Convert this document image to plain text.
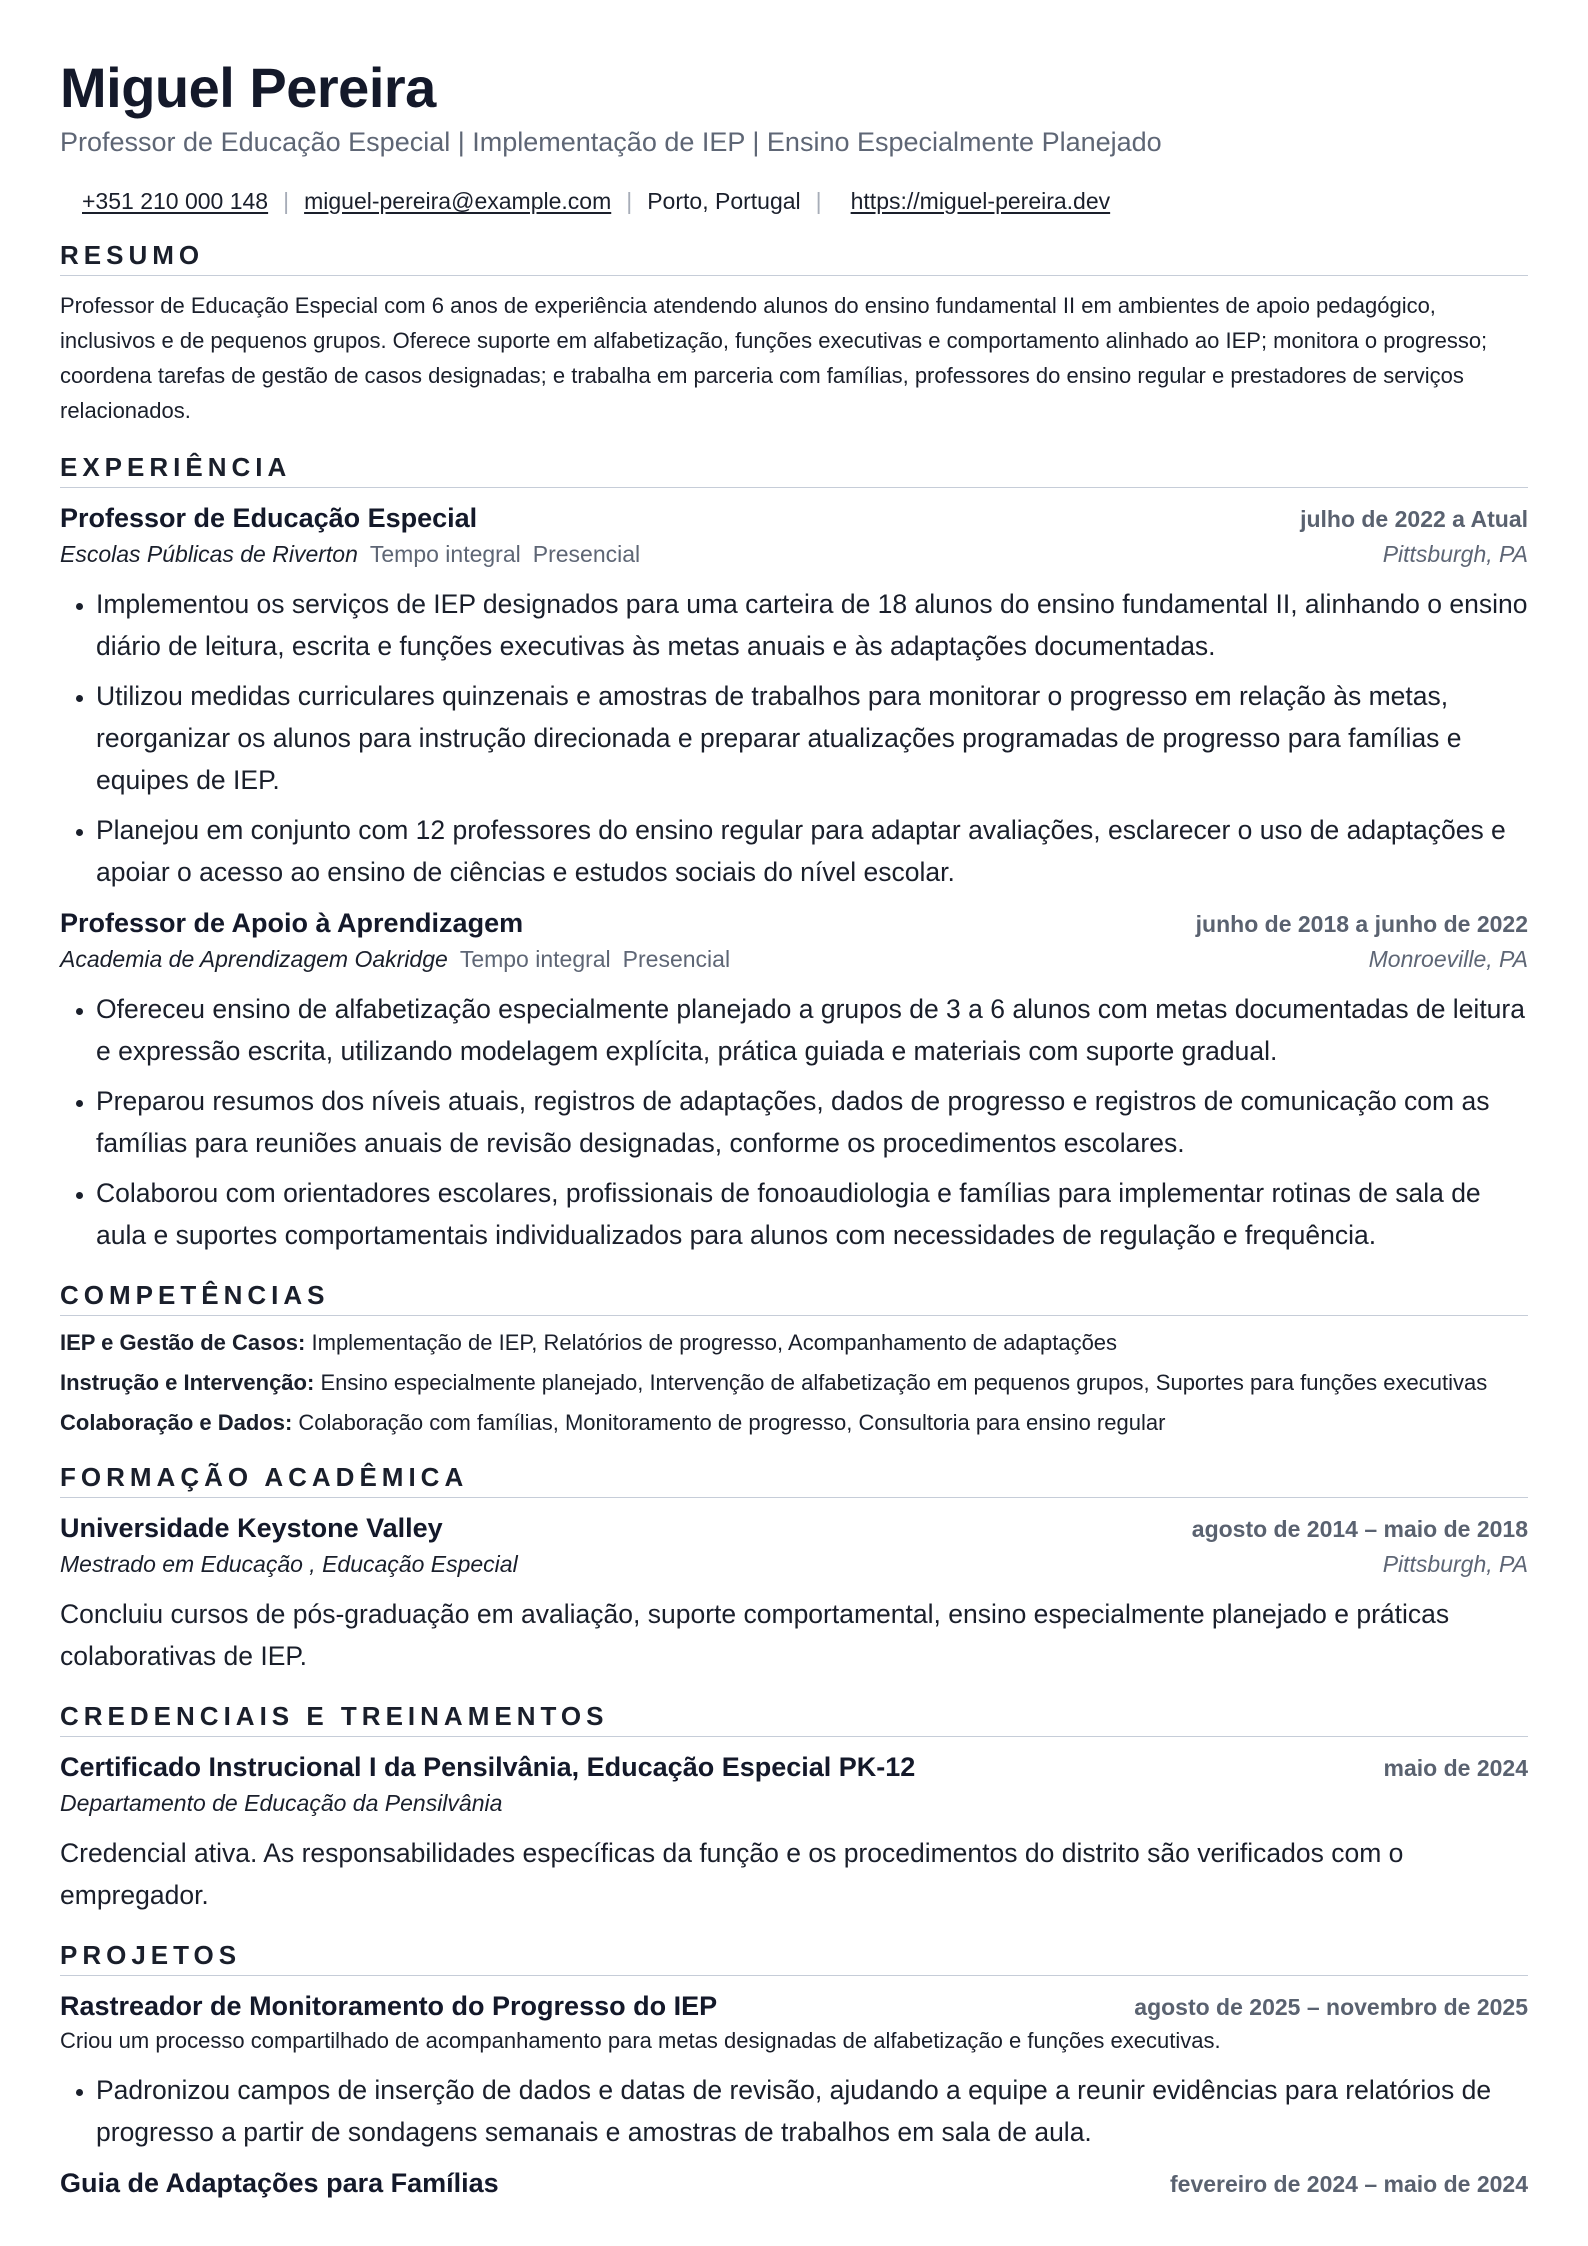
Miguel Pereira

Professor de Educação Especial | Implementação de IEP | Ensino Especialmente Planejado

+351 210 000 148 | miguel-pereira@example.com | Porto, Portugal | https://miguel-pereira.dev
RESUMO

Professor de Educação Especial com 6 anos de experiência atendendo alunos do ensino fundamental II em ambientes de apoio pedagógico, inclusivos e de pequenos grupos. Oferece suporte em alfabetização, funções executivas e comportamento alinhado ao IEP; monitora o progresso; coordena tarefas de gestão de casos designadas; e trabalha em parceria com famílias, professores do ensino regular e prestadores de serviços relacionados.

EXPERIÊNCIA
Professor de Educação Especial	julho de 2022 a Atual
Escolas Públicas de Riverton Tempo integral Presencial	Pittsburgh, PA
• Implementou os serviços de IEP designados para uma carteira de 18 alunos do ensino fundamental II, alinhando o ensino diário de leitura, escrita e funções executivas às metas anuais e às adaptações documentadas.
• Utilizou medidas curriculares quinzenais e amostras de trabalhos para monitorar o progresso em relação às metas, reorganizar os alunos para instrução direcionada e preparar atualizações programadas de progresso para famílias e equipes de IEP.
• Planejou em conjunto com 12 professores do ensino regular para adaptar avaliações, esclarecer o uso de adaptações e apoiar o acesso ao ensino de ciências e estudos sociais do nível escolar.
Professor de Apoio à Aprendizagem	junho de 2018 a junho de 2022
Academia de Aprendizagem Oakridge Tempo integral Presencial	Monroeville, PA
• Ofereceu ensino de alfabetização especialmente planejado a grupos de 3 a 6 alunos com metas documentadas de leitura e expressão escrita, utilizando modelagem explícita, prática guiada e materiais com suporte gradual.
• Preparou resumos dos níveis atuais, registros de adaptações, dados de progresso e registros de comunicação com as famílias para reuniões anuais de revisão designadas, conforme os procedimentos escolares.
• Colaborou com orientadores escolares, profissionais de fonoaudiologia e famílias para implementar rotinas de sala de aula e suportes comportamentais individualizados para alunos com necessidades de regulação e frequência.
COMPETÊNCIAS
IEP e Gestão de Casos: Implementação de IEP, Relatórios de progresso, Acompanhamento de adaptações
Instrução e Intervenção: Ensino especialmente planejado, Intervenção de alfabetização em pequenos grupos, Suportes para funções executivas
Colaboração e Dados: Colaboração com famílias, Monitoramento de progresso, Consultoria para ensino regular
FORMAÇÃO ACADÊMICA
Universidade Keystone Valley	agosto de 2014 – maio de 2018
Mestrado em Educação , Educação Especial	Pittsburgh, PA

Concluiu cursos de pós-graduação em avaliação, suporte comportamental, ensino especialmente planejado e práticas colaborativas de IEP.

CREDENCIAIS E TREINAMENTOS
Certificado Instrucional I da Pensilvânia, Educação Especial PK-12	maio de 2024
Departamento de Educação da Pensilvânia

Credencial ativa. As responsabilidades específicas da função e os procedimentos do distrito são verificados com o empregador.

PROJETOS
Rastreador de Monitoramento do Progresso do IEP	agosto de 2025 – novembro de 2025

Criou um processo compartilhado de acompanhamento para metas designadas de alfabetização e funções executivas.

• Padronizou campos de inserção de dados e datas de revisão, ajudando a equipe a reunir evidências para relatórios de progresso a partir de sondagens semanais e amostras de trabalhos em sala de aula.
Guia de Adaptações para Famílias	fevereiro de 2024 – maio de 2024
